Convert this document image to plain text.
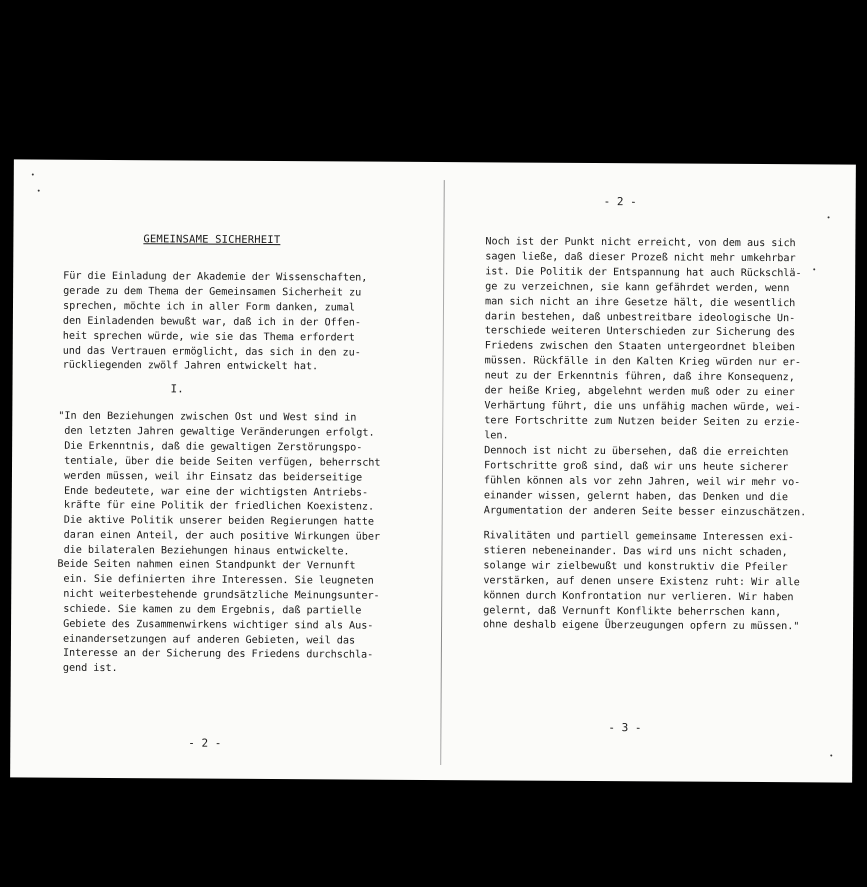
GEMEINSAME SICHERHEIT
Für die Einladung der Akademie der Wissenschaften,
gerade zu dem Thema der Gemeinsamen Sicherheit zu
sprechen, möchte ich in aller Form danken, zumal
den Einladenden bewußt war, daß ich in der Offen-
heit sprechen würde, wie sie das Thema erfordert
und das Vertrauen ermöglicht, das sich in den zu-
rückliegenden zwölf Jahren entwickelt hat.
I.
"In den Beziehungen zwischen Ost und West sind in
den letzten Jahren gewaltige Veränderungen erfolgt.
Die Erkenntnis, daß die gewaltigen Zerstörungspo-
tentiale, über die beide Seiten verfügen, beherrscht
werden müssen, weil ihr Einsatz das beiderseitige
Ende bedeutete, war eine der wichtigsten Antriebs-
kräfte für eine Politik der friedlichen Koexistenz.
Die aktive Politik unserer beiden Regierungen hatte
daran einen Anteil, der auch positive Wirkungen über
die bilateralen Beziehungen hinaus entwickelte.
Beide Seiten nahmen einen Standpunkt der Vernunft
ein. Sie definierten ihre Interessen. Sie leugneten
nicht weiterbestehende grundsätzliche Meinungsunter-
schiede. Sie kamen zu dem Ergebnis, daß partielle
Gebiete des Zusammenwirkens wichtiger sind als Aus-
einandersetzungen auf anderen Gebieten, weil das
Interesse an der Sicherung des Friedens durchschla-
gend ist.
- 2 -
- 2 -
Noch ist der Punkt nicht erreicht, von dem aus sich
sagen ließe, daß dieser Prozeß nicht mehr umkehrbar
ist. Die Politik der Entspannung hat auch Rückschlä-
ge zu verzeichnen, sie kann gefährdet werden, wenn
man sich nicht an ihre Gesetze hält, die wesentlich
darin bestehen, daß unbestreitbare ideologische Un-
terschiede weiteren Unterschieden zur Sicherung des
Friedens zwischen den Staaten untergeordnet bleiben
müssen. Rückfälle in den Kalten Krieg würden nur er-
neut zu der Erkenntnis führen, daß ihre Konsequenz,
der heiße Krieg, abgelehnt werden muß oder zu einer
Verhärtung führt, die uns unfähig machen würde, wei-
tere Fortschritte zum Nutzen beider Seiten zu erzie-
len.
Dennoch ist nicht zu übersehen, daß die erreichten
Fortschritte groß sind, daß wir uns heute sicherer
fühlen können als vor zehn Jahren, weil wir mehr vo-
einander wissen, gelernt haben, das Denken und die
Argumentation der anderen Seite besser einzuschätzen.
Rivalitäten und partiell gemeinsame Interessen exi-
stieren nebeneinander. Das wird uns nicht schaden,
solange wir zielbewußt und konstruktiv die Pfeiler
verstärken, auf denen unsere Existenz ruht: Wir alle
können durch Konfrontation nur verlieren. Wir haben
gelernt, daß Vernunft Konflikte beherrschen kann,
ohne deshalb eigene Überzeugungen opfern zu müssen."
- 3 -
